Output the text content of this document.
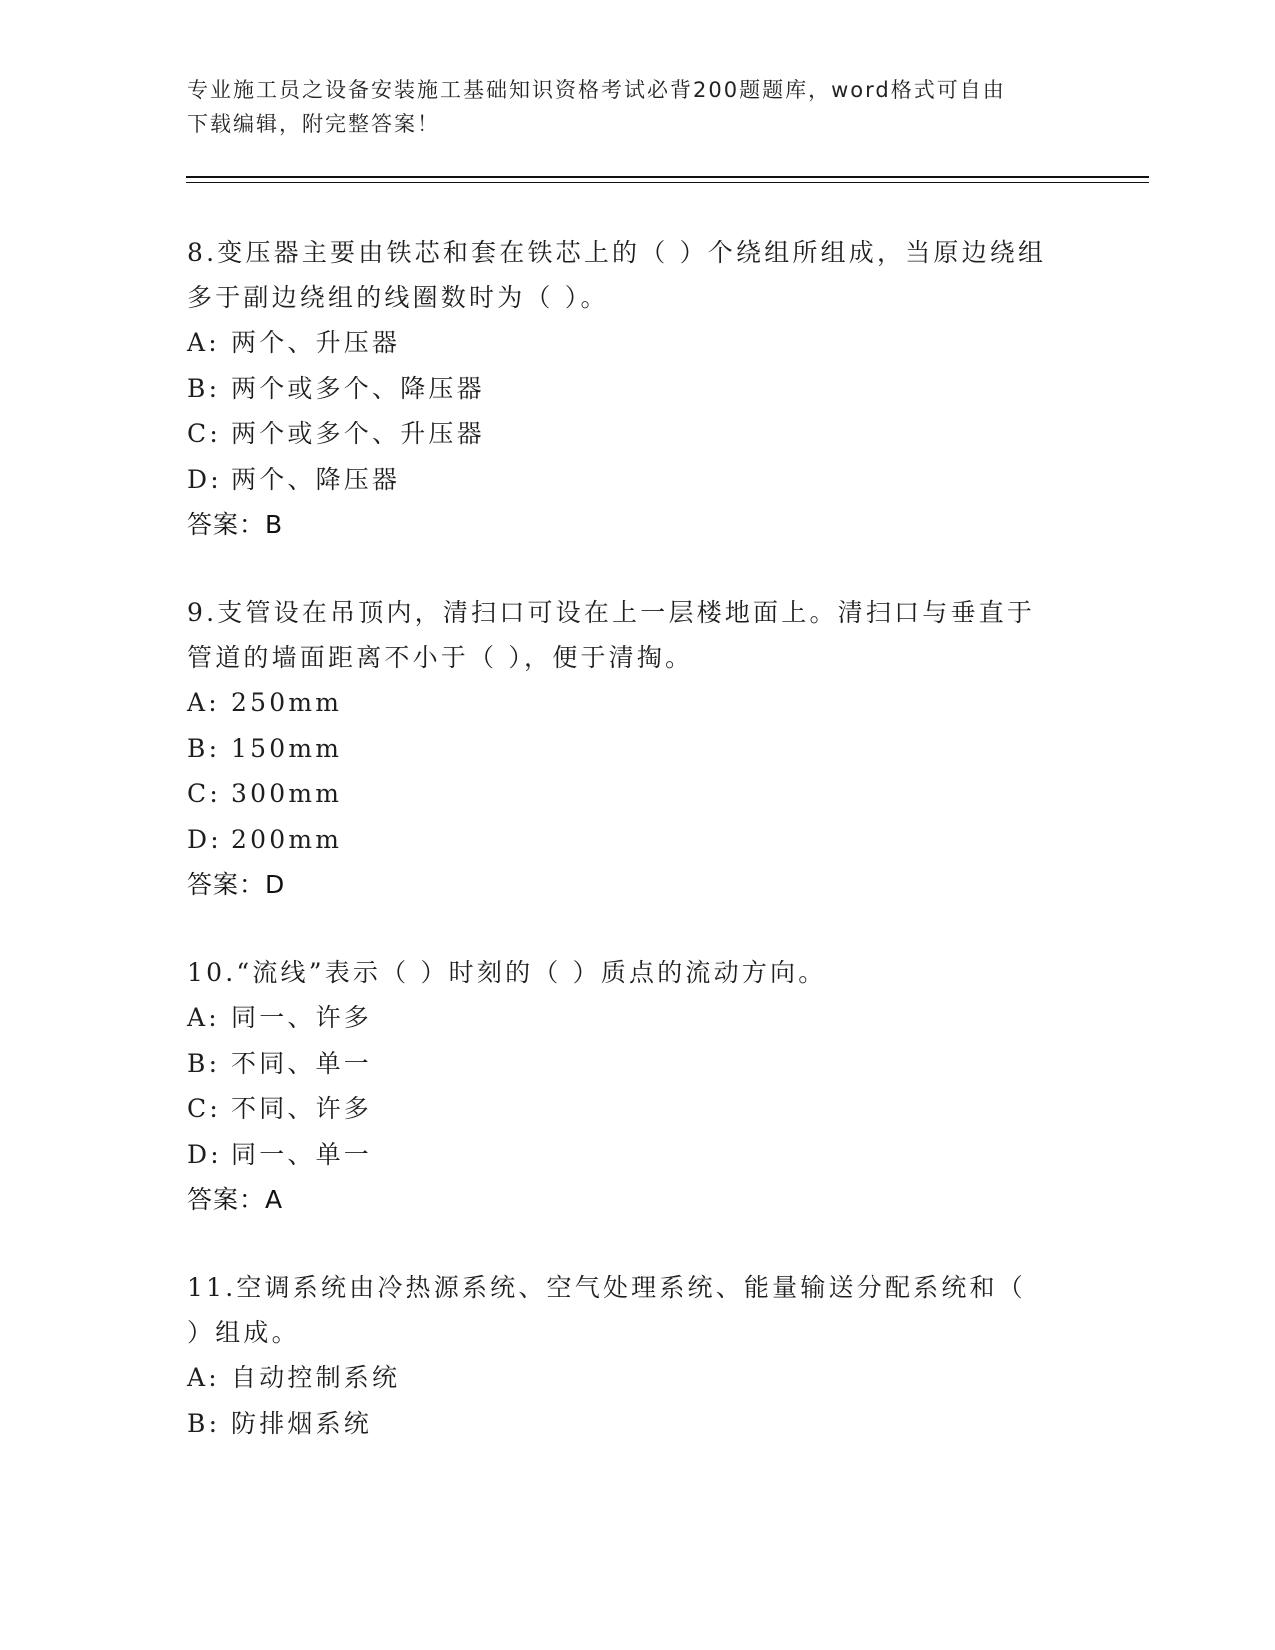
专业施工员之设备安装施工基础知识资格考试必背200题题库，word格式可自由
下载编辑，附完整答案！
8.变压器主要由铁芯和套在铁芯上的（ ）个绕组所组成，当原边绕组
多于副边绕组的线圈数时为（ ）。
A: 两个、升压器
B: 两个或多个、降压器
C: 两个或多个、升压器
D: 两个、降压器
答案：B
9.支管设在吊顶内，清扫口可设在上一层楼地面上。清扫口与垂直于
管道的墙面距离不小于（ ），便于清掏。
A: 250mm
B: 150mm
C: 300mm
D: 200mm
答案：D
10.“流线”表示（ ）时刻的（ ）质点的流动方向。
A: 同一、许多
B: 不同、单一
C: 不同、许多
D: 同一、单一
答案：A
11.空调系统由冷热源系统、空气处理系统、能量输送分配系统和（
）组成。
A: 自动控制系统
B: 防排烟系统
